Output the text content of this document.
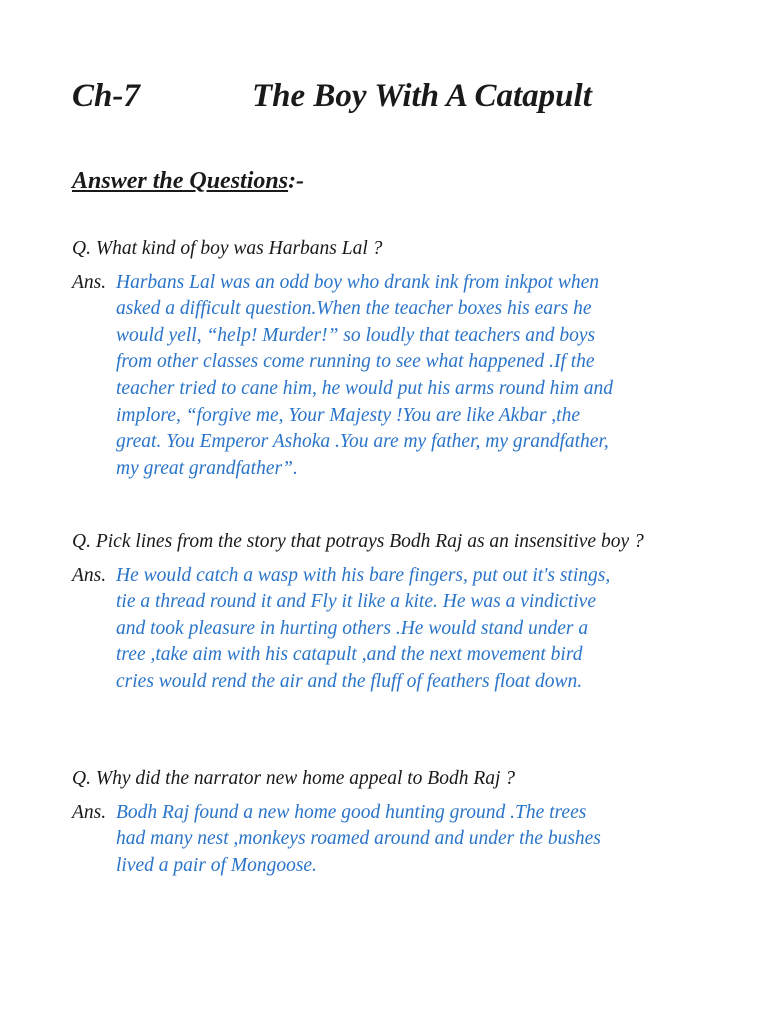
Ch-7	The Boy With A Catapult
Answer the Questions:-

Q. What kind of boy was Harbans Lal ?

Ans. Harbans Lal was an odd boy who drank ink from inkpot when
asked a difficult question.When the teacher boxes his ears he
would yell, “help! Murder!” so loudly that teachers and boys
from other classes come running to see what happened .If the
teacher tried to cane him, he would put his arms round him and
implore, “forgive me, Your Majesty !You are like Akbar ,the
great. You Emperor Ashoka .You are my father, my grandfather,
my great grandfather”.

Q. Pick lines from the story that potrays Bodh Raj as an insensitive boy ?

Ans. He would catch a wasp with his bare fingers, put out it's stings,
tie a thread round it and Fly it like a kite. He was a vindictive
and took pleasure in hurting others .He would stand under a
tree ,take aim with his catapult ,and the next movement bird
cries would rend the air and the fluff of feathers float down.

Q. Why did the narrator new home appeal to Bodh Raj ?

Ans. Bodh Raj found a new home good hunting ground .The trees
had many nest ,monkeys roamed around and under the bushes
lived a pair of Mongoose.
